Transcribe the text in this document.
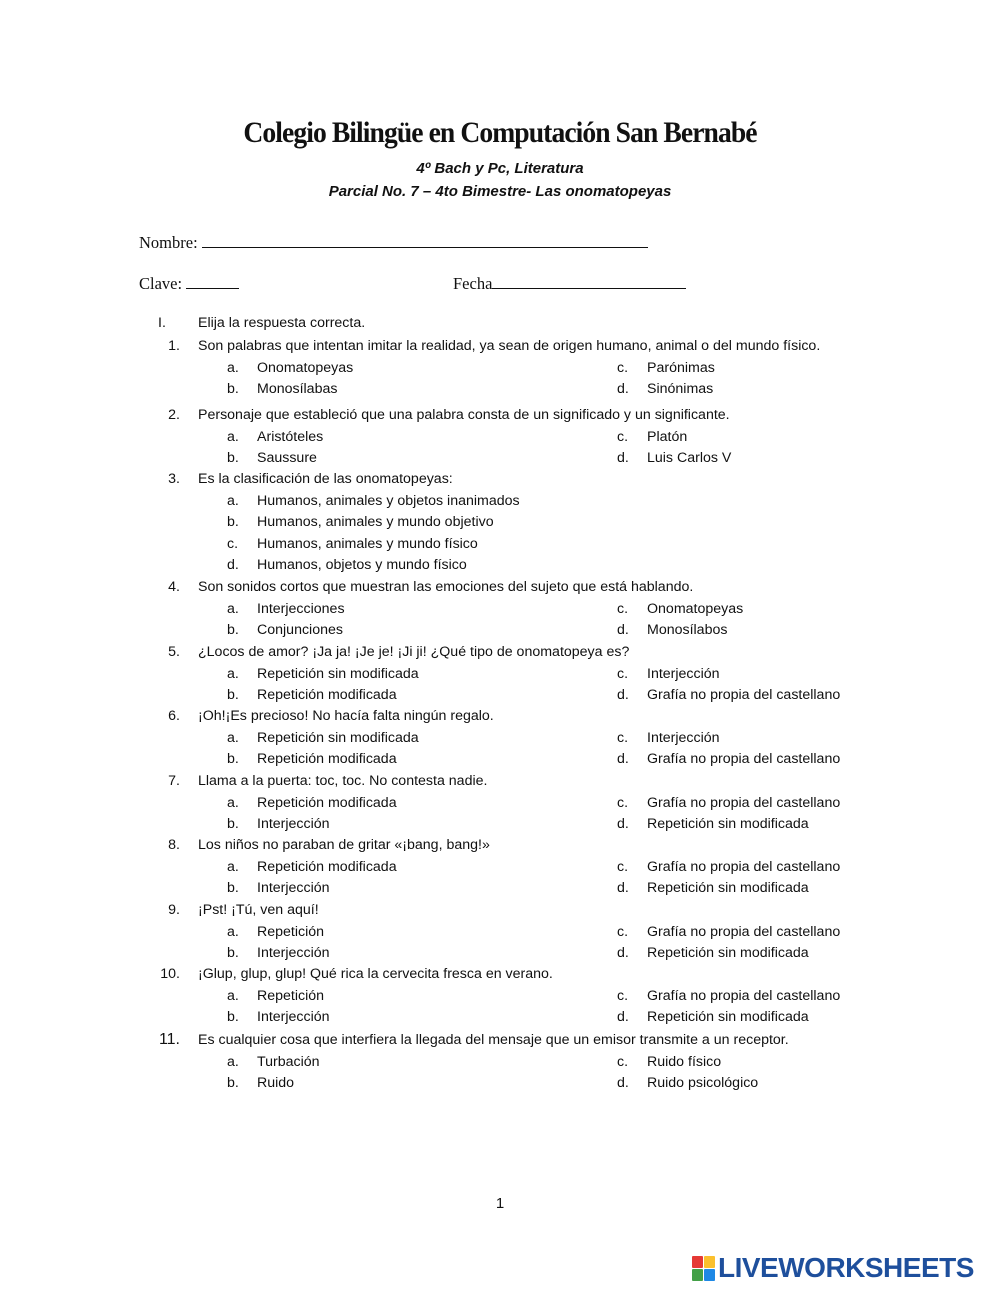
Colegio Bilingüe en Computación San Bernabé
4º Bach y Pc, Literatura
Parcial No. 7 – 4to Bimestre- Las onomatopeyas
Nombre:
Clave:	Fecha
I. Elija la respuesta correcta.
1. Son palabras que intentan imitar la realidad, ya sean de origen humano, animal o del mundo físico.
a.	Onomatopeyas	c.	Parónimas
b.	Monosílabas	d.	Sinónimas
2. Personaje que estableció que una palabra consta de un significado y un significante.
a.	Aristóteles	c.	Platón
b.	Saussure	d.	Luis Carlos V
3. Es la clasificación de las onomatopeyas:
a.	Humanos, animales y objetos inanimados
b.	Humanos, animales y mundo objetivo
c.	Humanos, animales y mundo físico
d.	Humanos, objetos y mundo físico
4. Son sonidos cortos que muestran las emociones del sujeto que está hablando.
a.	Interjecciones	c.	Onomatopeyas
b.	Conjunciones	d.	Monosílabos
5. ¿Locos de amor? ¡Ja ja! ¡Je je! ¡Ji ji! ¿Qué tipo de onomatopeya es?
a.	Repetición sin modificada	c.	Interjección
b.	Repetición modificada	d.	Grafía no propia del castellano
6. ¡Oh!¡Es precioso! No hacía falta ningún regalo.
a.	Repetición sin modificada	c.	Interjección
b.	Repetición modificada	d.	Grafía no propia del castellano
7. Llama a la puerta: toc, toc. No contesta nadie.
a.	Repetición modificada	c.	Grafía no propia del castellano
b.	Interjección	d.	Repetición sin modificada
8. Los niños no paraban de gritar «¡bang, bang!»
a.	Repetición modificada	c.	Grafía no propia del castellano
b.	Interjección	d.	Repetición sin modificada
9. ¡Pst! ¡Tú, ven aquí!
a.	Repetición	c.	Grafía no propia del castellano
b.	Interjección	d.	Repetición sin modificada
10. ¡Glup, glup, glup! Qué rica la cervecita fresca en verano.
a.	Repetición	c.	Grafía no propia del castellano
b.	Interjección	d.	Repetición sin modificada
11. Es cualquier cosa que interfiera la llegada del mensaje que un emisor transmite a un receptor.
a.	Turbación	c.	Ruido físico
b.	Ruido	d.	Ruido psicológico
1
LIVEWORKSHEETS
